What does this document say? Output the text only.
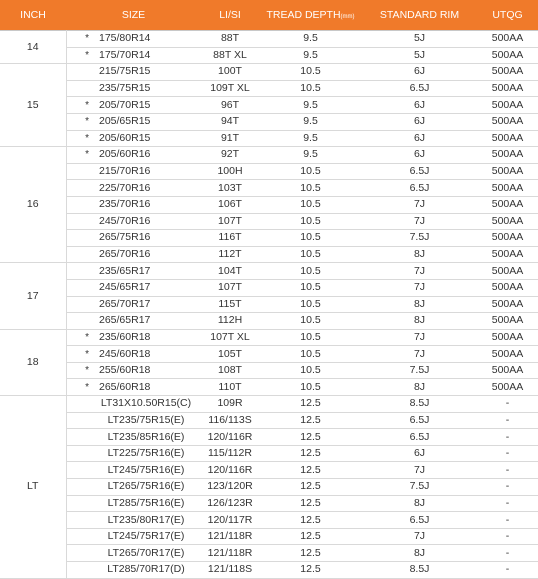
INCH	SIZE		LI/SI	TREAD DEPTH(mm)	STANDARD RIM	UTQG
14	*	175/80R14	88T	9.5	5J	500AA
	*	175/70R14	88T XL	9.5	5J	500AA
15		215/75R15	100T	10.5	6J	500AA
		235/75R15	109T XL	10.5	6.5J	500AA
	*	205/70R15	96T	9.5	6J	500AA
	*	205/65R15	94T	9.5	6J	500AA
	*	205/60R15	91T	9.5	6J	500AA
16	*	205/60R16	92T	9.5	6J	500AA
		215/70R16	100H	10.5	6.5J	500AA
		225/70R16	103T	10.5	6.5J	500AA
		235/70R16	106T	10.5	7J	500AA
		245/70R16	107T	10.5	7J	500AA
		265/75R16	116T	10.5	7.5J	500AA
		265/70R16	112T	10.5	8J	500AA
17		235/65R17	104T	10.5	7J	500AA
		245/65R17	107T	10.5	7J	500AA
		265/70R17	115T	10.5	8J	500AA
		265/65R17	112H	10.5	8J	500AA
18	*	235/60R18	107T XL	10.5	7J	500AA
	*	245/60R18	105T	10.5	7J	500AA
	*	255/60R18	108T	10.5	7.5J	500AA
	*	265/60R18	110T	10.5	8J	500AA
LT		LT31X10.50R15(C)	109R	12.5	8.5J	-
		LT235/75R15(E)	116/113S	12.5	6.5J	-
		LT235/85R16(E)	120/116R	12.5	6.5J	-
		LT225/75R16(E)	115/112R	12.5	6J	-
		LT245/75R16(E)	120/116R	12.5	7J	-
		LT265/75R16(E)	123/120R	12.5	7.5J	-
		LT285/75R16(E)	126/123R	12.5	8J	-
		LT235/80R17(E)	120/117R	12.5	6.5J	-
		LT245/75R17(E)	121/118R	12.5	7J	-
		LT265/70R17(E)	121/118R	12.5	8J	-
		LT285/70R17(D)	121/118S	12.5	8.5J	-
